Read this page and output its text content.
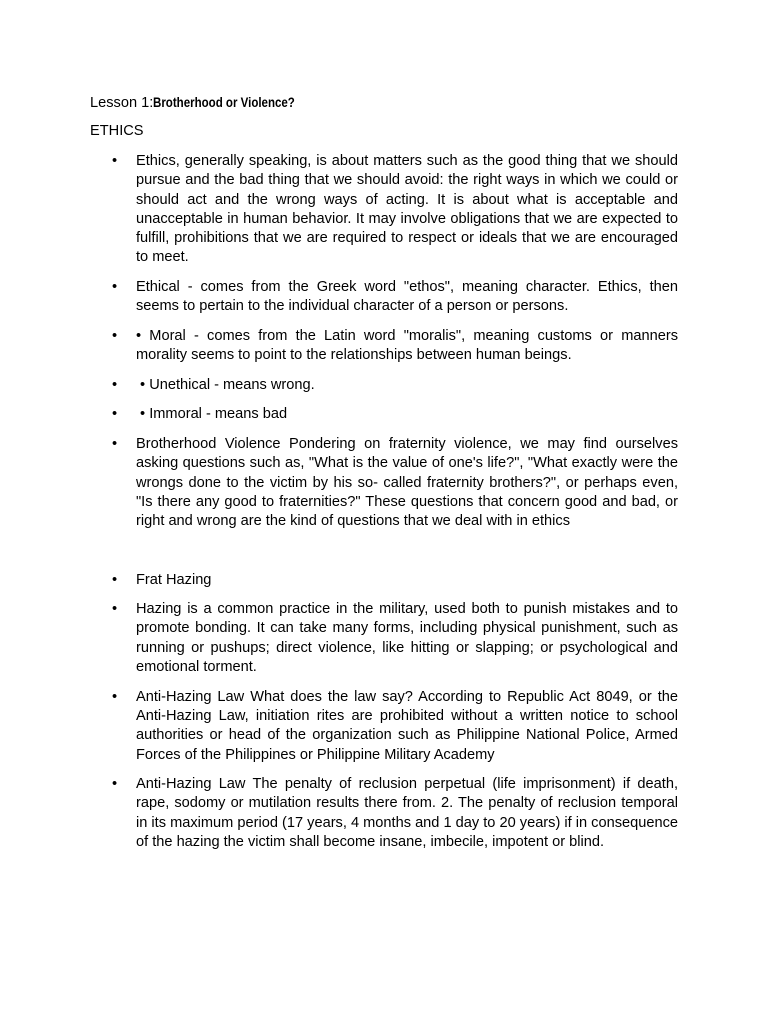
Lesson 1:Brotherhood or Violence?
ETHICS
• Ethics, generally speaking, is about matters such as the good thing that we should pursue and the bad thing that we should avoid: the right ways in which we could or should act and the wrong ways of acting. It is about what is acceptable and unacceptable in human behavior. It may involve obligations that we are expected to fulfill, prohibitions that we are required to respect or ideals that we are encouraged to meet.
• Ethical - comes from the Greek word "ethos", meaning character. Ethics, then seems to pertain to the individual character of a person or persons.
• • Moral - comes from the Latin word "moralis", meaning customs or manners morality seems to point to the relationships between human beings.
• • Unethical - means wrong.
• • Immoral - means bad
• Brotherhood Violence Pondering on fraternity violence, we may find ourselves asking questions such as, "What is the value of one's life?", "What exactly were the wrongs done to the victim by his so- called fraternity brothers?", or perhaps even, "Is there any good to fraternities?" These questions that concern good and bad, or right and wrong are the kind of questions that we deal with in ethics
• Frat Hazing
• Hazing is a common practice in the military, used both to punish mistakes and to promote bonding. It can take many forms, including physical punishment, such as running or pushups; direct violence, like hitting or slapping; or psychological and emotional torment.
• Anti-Hazing Law What does the law say? According to Republic Act 8049, or the Anti-Hazing Law, initiation rites are prohibited without a written notice to school authorities or head of the organization such as Philippine National Police, Armed Forces of the Philippines or Philippine Military Academy
• Anti-Hazing Law The penalty of reclusion perpetual (life imprisonment) if death, rape, sodomy or mutilation results there from. 2. The penalty of reclusion temporal in its maximum period (17 years, 4 months and 1 day to 20 years) if in consequence of the hazing the victim shall become insane, imbecile, impotent or blind.
